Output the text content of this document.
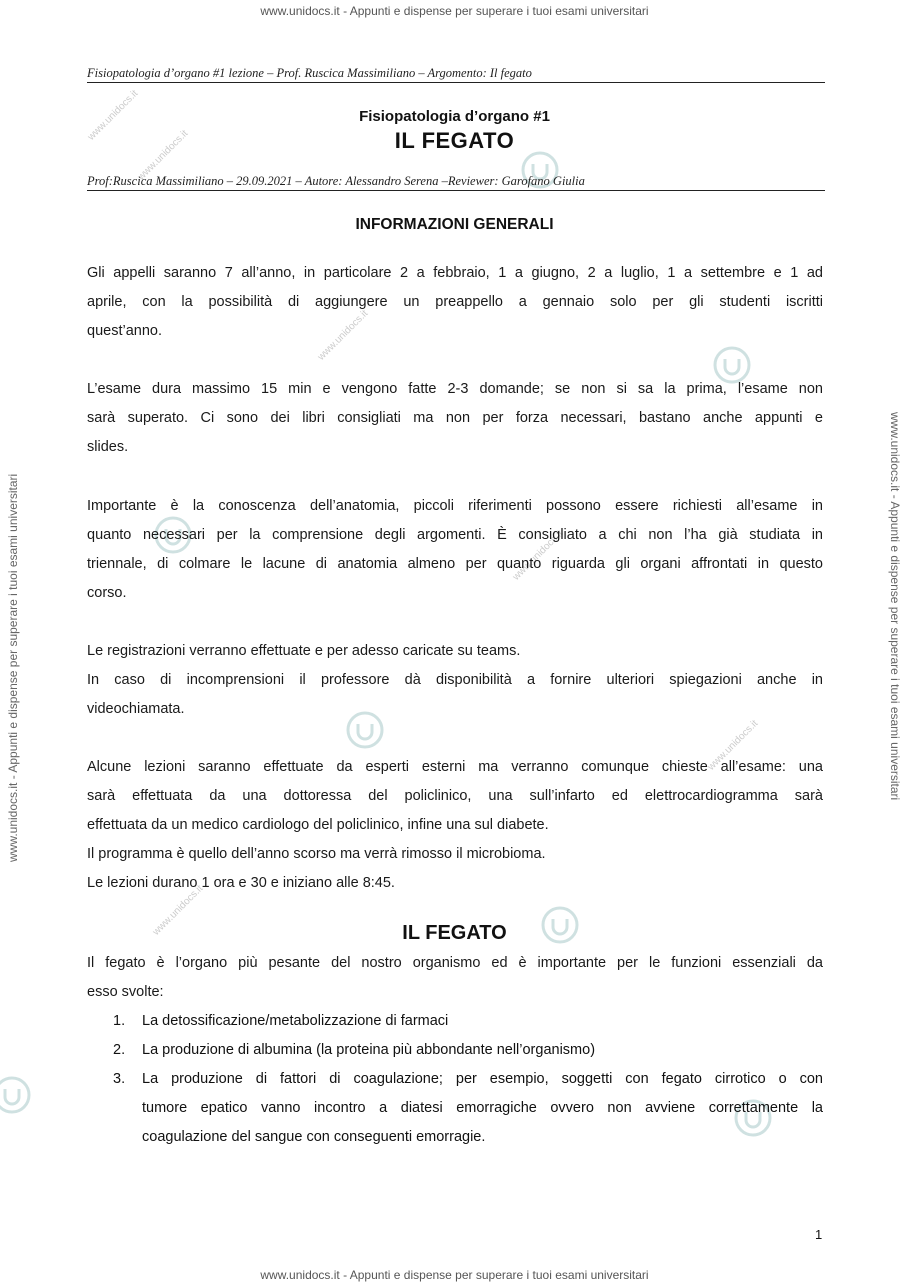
www.unidocs.it - Appunti e dispense per superare i tuoi esami universitari
www.unidocs.it - Appunti e dispense per superare i tuoi esami universitari
www.unidocs.it - Appunti e dispense per superare i tuoi esami universitari	www.unidocs.it - Appunti e dispense per superare i tuoi esami universitari
www.unidocs.it
www.unidocs.it
www.unidocs.it
www.unidocs.it
www.unidocs.it
www.unidocs.it
Fisiopatologia d’organo #1 lezione – Prof. Ruscica Massimiliano – Argomento: Il fegato
Fisiopatologia d’organo #1
IL FEGATO
Prof:Ruscica Massimiliano – 29.09.2021 – Autore: Alessandro Serena –Reviewer: Garofano Giulia
INFORMAZIONI GENERALI
Gli appelli saranno 7 all’anno, in particolare 2 a febbraio, 1 a giugno, 2 a luglio, 1 a settembre e 1 ad
aprile, con la possibilità di aggiungere un preappello a gennaio solo per gli studenti iscritti
quest’anno.
L’esame dura massimo 15 min e vengono fatte 2-3 domande; se non si sa la prima, l’esame non
sarà superato. Ci sono dei libri consigliati ma non per forza necessari, bastano anche appunti e
slides.
Importante è la conoscenza dell’anatomia, piccoli riferimenti possono essere richiesti all’esame in
quanto necessari per la comprensione degli argomenti. È consigliato a chi non l’ha già studiata in
triennale, di colmare le lacune di anatomia almeno per quanto riguarda gli organi affrontati in questo
corso.
Le registrazioni verranno effettuate e per adesso caricate su teams.
In caso di incomprensioni il professore dà disponibilità a fornire ulteriori spiegazioni anche in
videochiamata.
Alcune lezioni saranno effettuate da esperti esterni ma verranno comunque chieste all’esame: una
sarà effettuata da una dottoressa del policlinico, una sull’infarto ed elettrocardiogramma sarà
effettuata da un medico cardiologo del policlinico, infine una sul diabete.
Il programma è quello dell’anno scorso ma verrà rimosso il microbioma.
Le lezioni durano 1 ora e 30 e iniziano alle 8:45.
IL FEGATO
Il fegato è l’organo più pesante del nostro organismo ed è importante per le funzioni essenziali da
esso svolte:
1. La detossificazione/metabolizzazione di farmaci
2. La produzione di albumina (la proteina più abbondante nell’organismo)
3. La produzione di fattori di coagulazione; per esempio, soggetti con fegato cirrotico o con
tumore epatico vanno incontro a diatesi emorragiche ovvero non avviene correttamente la
coagulazione del sangue con conseguenti emorragie.
1
